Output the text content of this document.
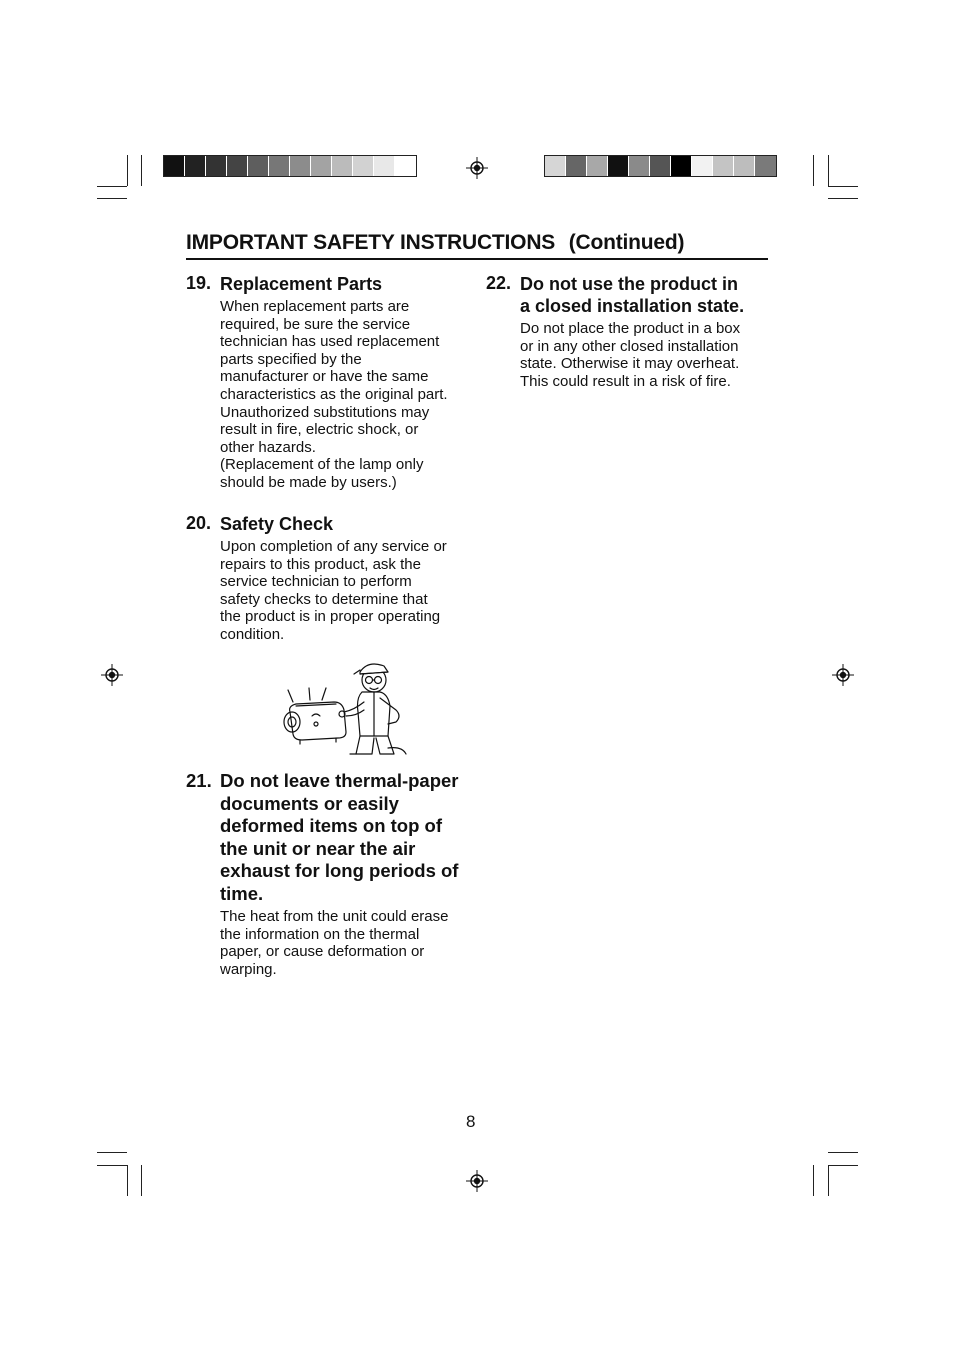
IMPORTANT SAFETY INSTRUCTIONS (Continued)
19. Replacement Parts
When replacement parts are
required, be sure the service
technician has used replacement
parts specified by the
manufacturer or have the same
characteristics as the original part.
Unauthorized substitutions may
result in fire, electric shock, or
other hazards.
(Replacement of the lamp only
should be made by users.)
20. Safety Check
Upon completion of any service or
repairs to this product, ask the
service technician to perform
safety checks to determine that
the product is in proper operating
condition.
21. Do not leave thermal-paper
documents or easily
deformed items on top of
the unit or near the air
exhaust for long periods of
time.
The heat from the unit could erase
the information on the thermal
paper, or cause deformation or
warping.
22. Do not use the product in
a closed installation state.
Do not place the product in a box
or in any other closed installation
state. Otherwise it may overheat.
This could result in a risk of fire.
8
